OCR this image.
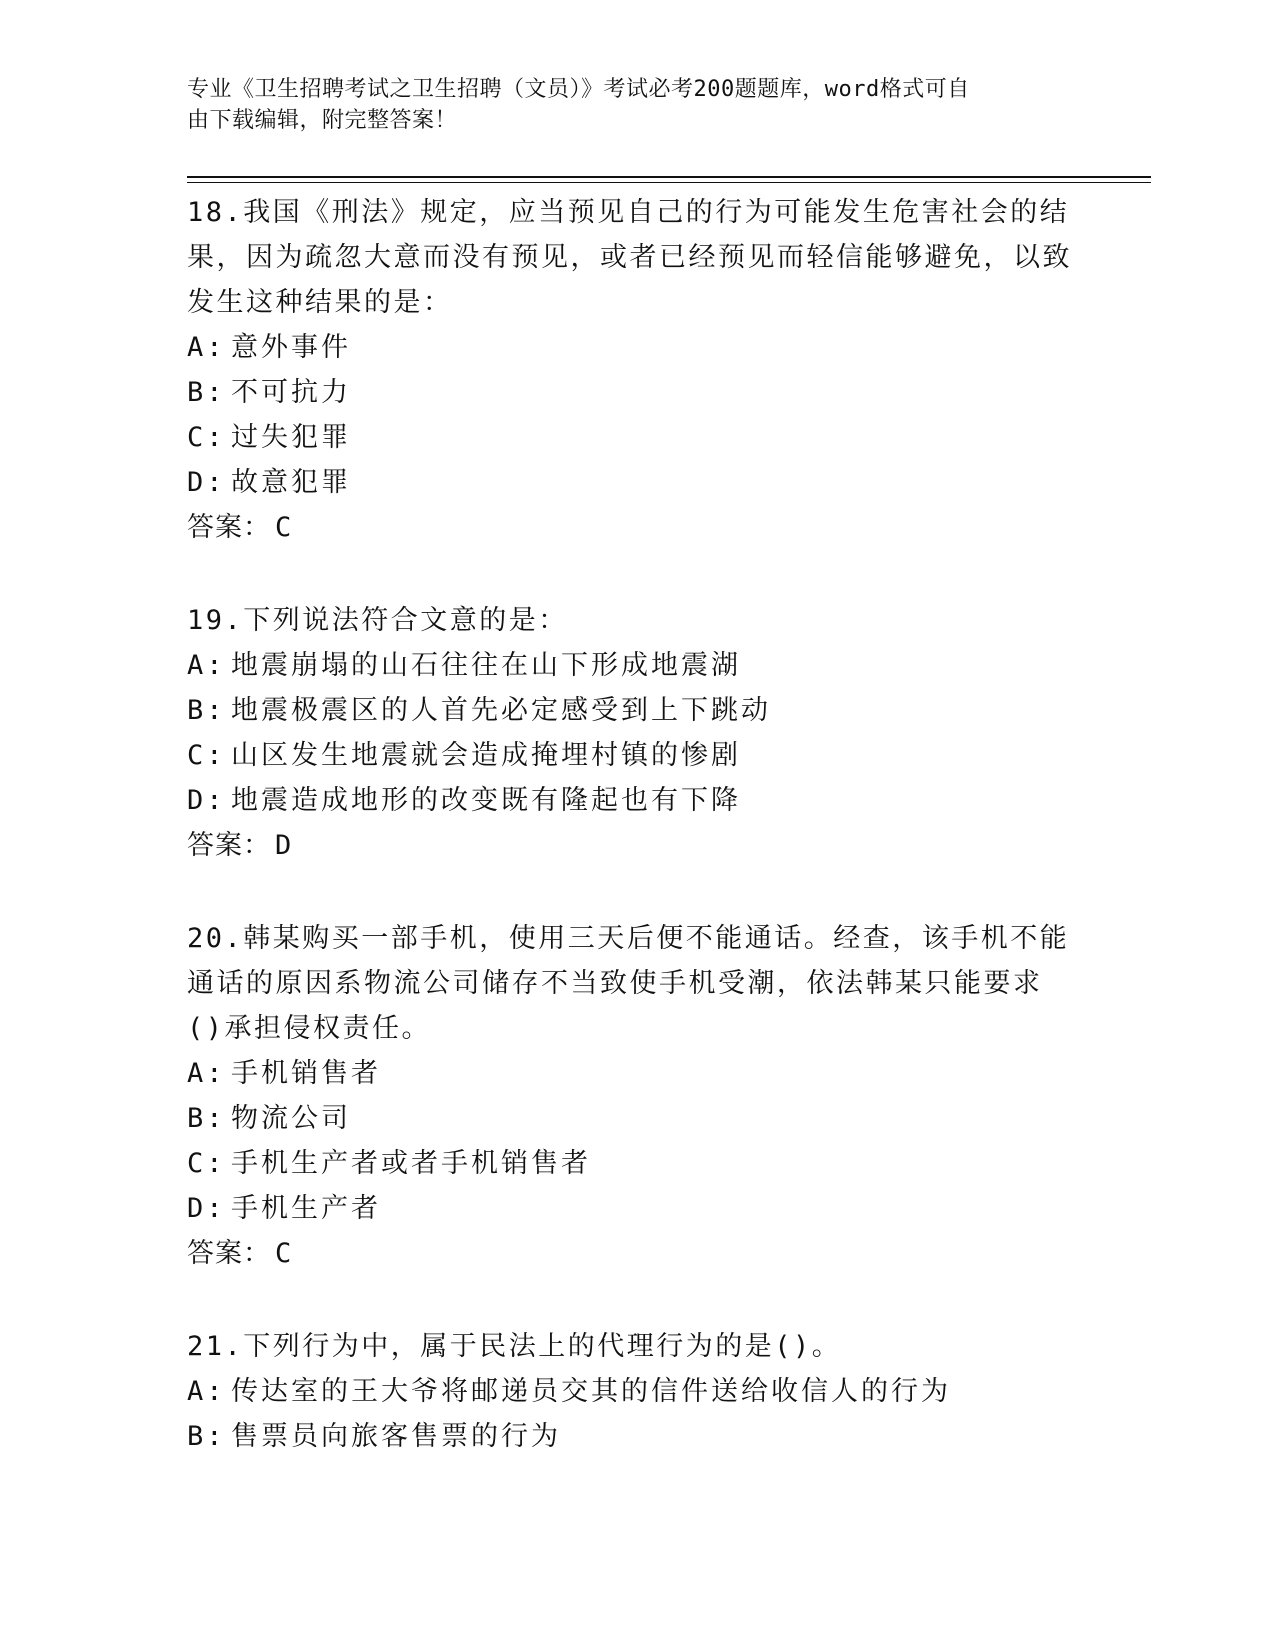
专业《卫生招聘考试之卫生招聘（文员）》考试必考200题题库，word格式可自
由下载编辑，附完整答案！
18.我国《刑法》规定，应当预见自己的行为可能发生危害社会的结果，因为疏忽大意而没有预见，或者已经预见而轻信能够避免，以致发生这种结果的是：
A: 意外事件
B: 不可抗力
C: 过失犯罪
D: 故意犯罪
答案： C
19.下列说法符合文意的是：
A: 地震崩塌的山石往往在山下形成地震湖
B: 地震极震区的人首先必定感受到上下跳动
C: 山区发生地震就会造成掩埋村镇的惨剧
D: 地震造成地形的改变既有隆起也有下降
答案： D
20.韩某购买一部手机，使用三天后便不能通话。经查，该手机不能通话的原因系物流公司储存不当致使手机受潮，依法韩某只能要求()承担侵权责任。
A: 手机销售者
B: 物流公司
C: 手机生产者或者手机销售者
D: 手机生产者
答案： C
21.下列行为中，属于民法上的代理行为的是()。
A: 传达室的王大爷将邮递员交其的信件送给收信人的行为
B: 售票员向旅客售票的行为
